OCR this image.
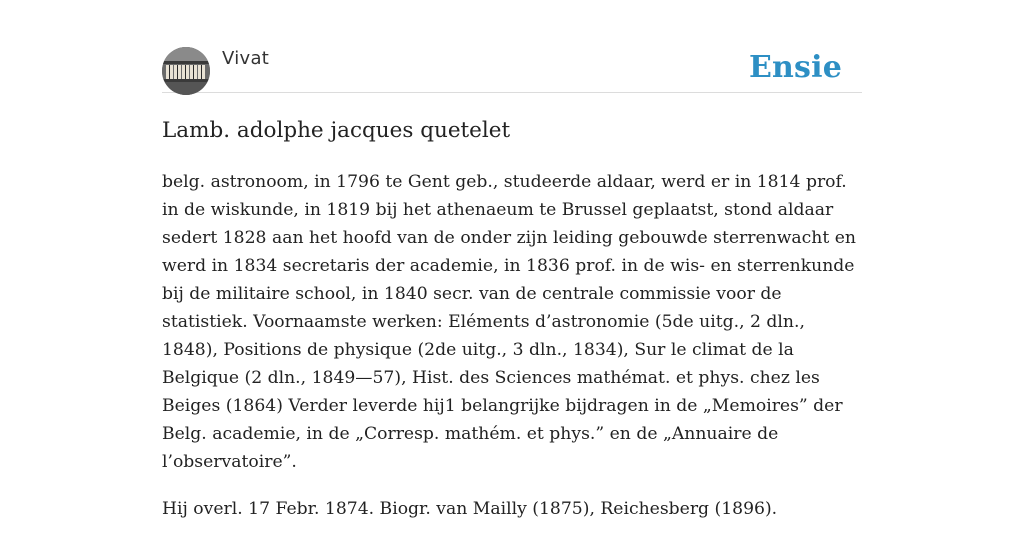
Vivat	Ensie
Lamb. adolphe jacques quetelet

belg. astronoom, in 1796 te Gent geb., studeerde aldaar, werd er in 1814 prof. in de wiskunde, in 1819 bij het athenaeum te Brussel geplaatst, stond aldaar sedert 1828 aan het hoofd van de onder zijn leiding gebouwde sterrenwacht en werd in 1834 secretaris der academie, in 1836 prof. in de wis- en sterrenkunde bij de militaire school, in 1840 secr. van de centrale commissie voor de statistiek. Voornaamste werken: Eléments d’astronomie (5de uitg., 2 dln., 1848), Positions de physique (2de uitg., 3 dln., 1834), Sur le climat de la Belgique (2 dln., 1849—57), Hist. des Sciences mathémat. et phys. chez les Beiges (1864) Verder leverde hij1 belangrijke bijdragen in de „Memoires” der Belg. academie, in de „Corresp. mathém. et phys.” en de „Annuaire de l’observatoire”.

Hij overl. 17 Febr. 1874. Biogr. van Mailly (1875), Reichesberg (1896).
